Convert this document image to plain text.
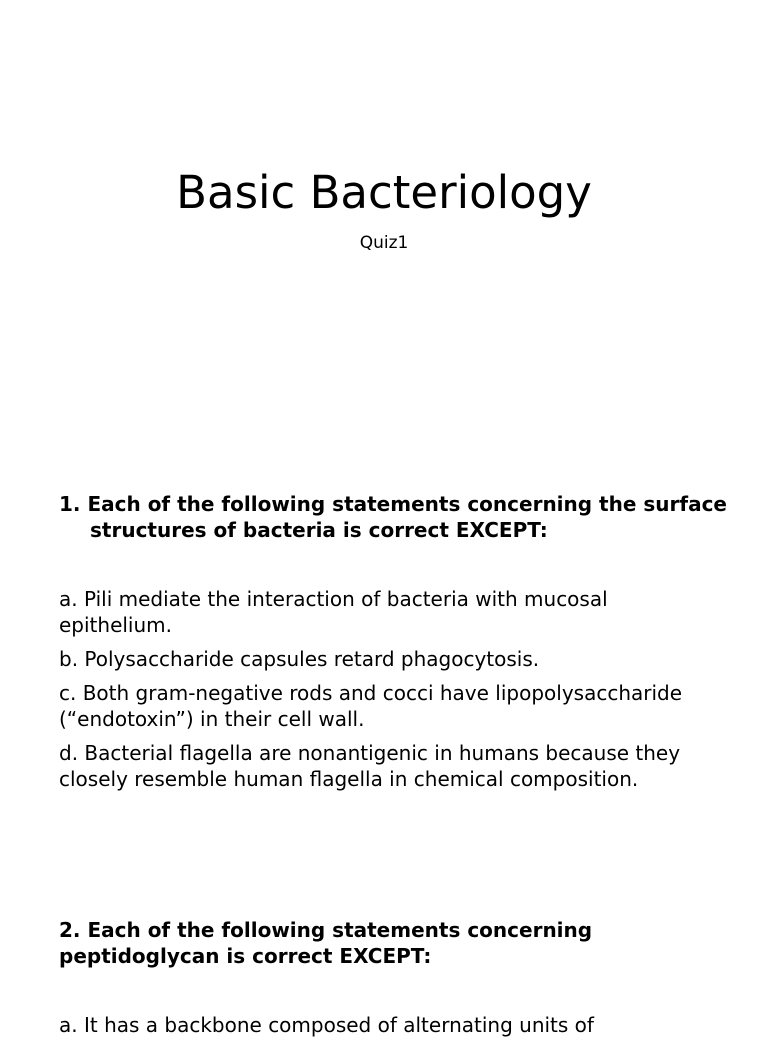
Basic Bacteriology
Quiz1

1. Each of the following statements concerning the surface structures of bacteria is correct EXCEPT:

a. Pili mediate the interaction of bacteria with mucosal epithelium.
b. Polysaccharide capsules retard phagocytosis.
c. Both gram-negative rods and cocci have lipopolysaccharide (“endotoxin”) in their cell wall.
d. Bacterial flagella are nonantigenic in humans because they closely resemble human flagella in chemical composition.

2. Each of the following statements concerning peptidoglycan is correct EXCEPT:

a. It has a backbone composed of alternating units of
